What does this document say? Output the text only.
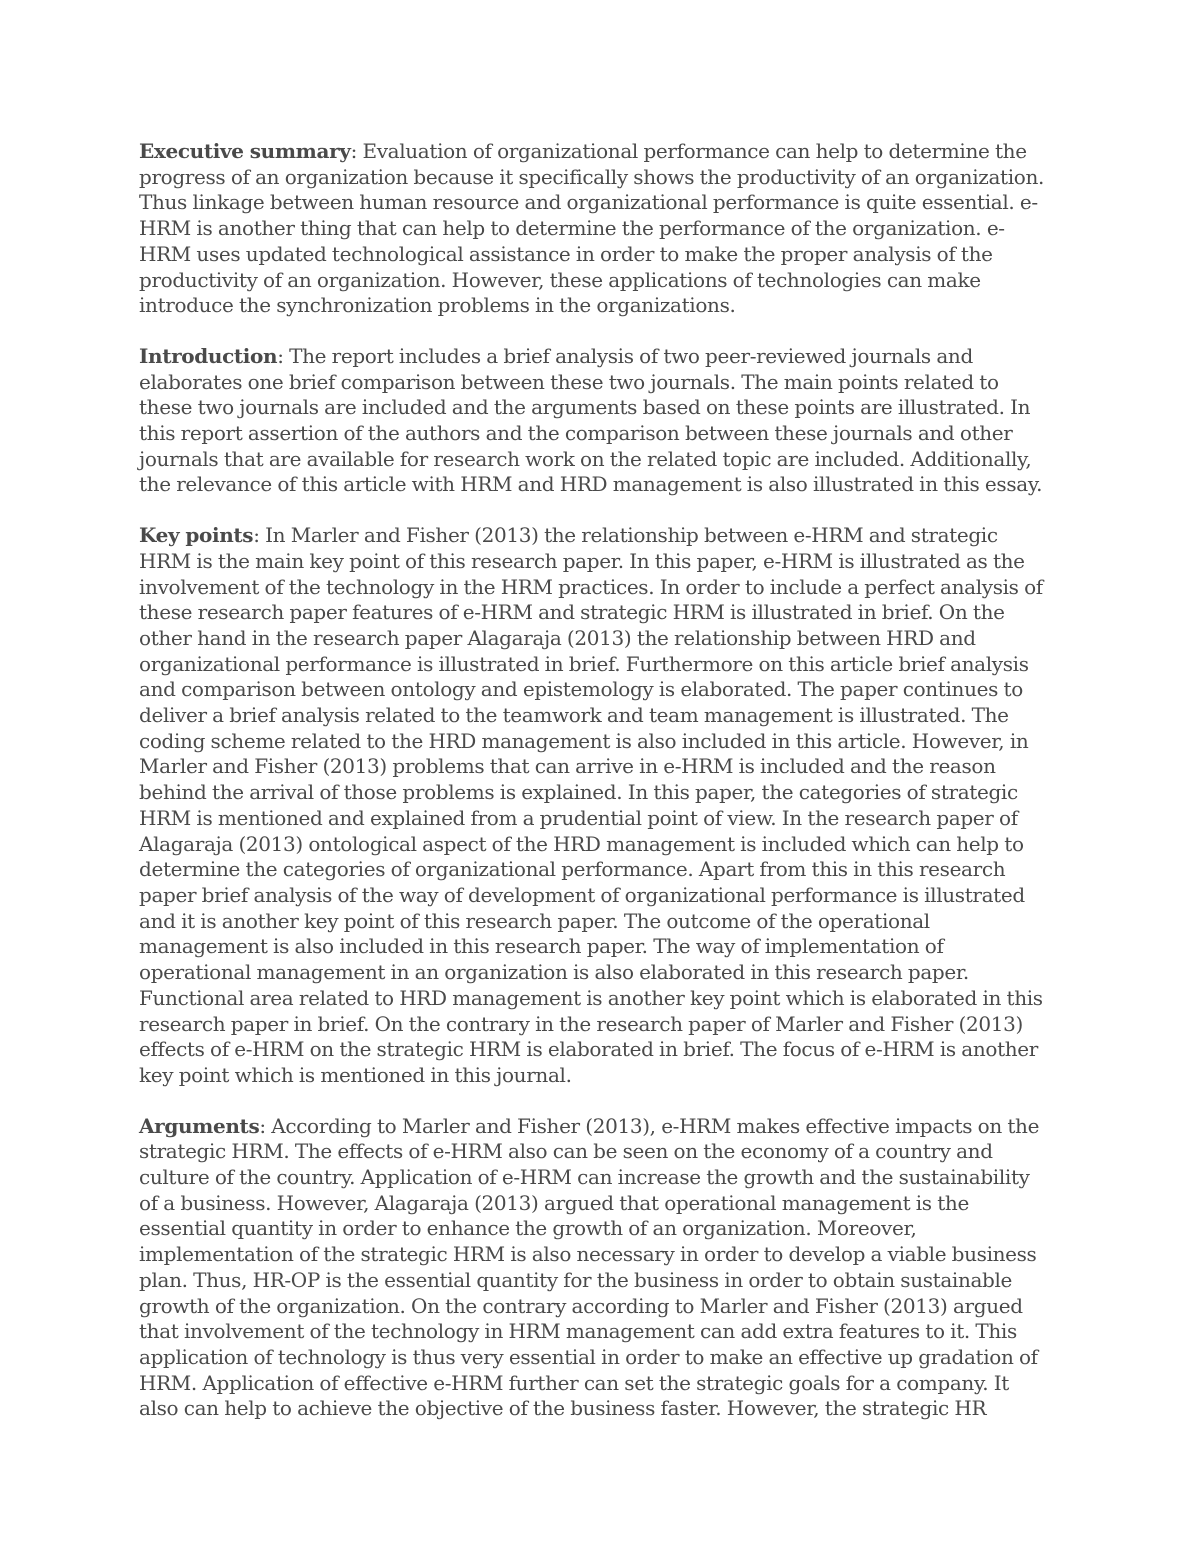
Executive summary: Evaluation of organizational performance can help to determine the
progress of an organization because it specifically shows the productivity of an organization.
Thus linkage between human resource and organizational performance is quite essential. e-
HRM is another thing that can help to determine the performance of the organization. e-
HRM uses updated technological assistance in order to make the proper analysis of the
productivity of an organization. However, these applications of technologies can make
introduce the synchronization problems in the organizations.
Introduction: The report includes a brief analysis of two peer-reviewed journals and
elaborates one brief comparison between these two journals. The main points related to
these two journals are included and the arguments based on these points are illustrated. In
this report assertion of the authors and the comparison between these journals and other
journals that are available for research work on the related topic are included. Additionally,
the relevance of this article with HRM and HRD management is also illustrated in this essay.
Key points: In Marler and Fisher (2013) the relationship between e-HRM and strategic
HRM is the main key point of this research paper. In this paper, e-HRM is illustrated as the
involvement of the technology in the HRM practices. In order to include a perfect analysis of
these research paper features of e-HRM and strategic HRM is illustrated in brief. On the
other hand in the research paper Alagaraja (2013) the relationship between HRD and
organizational performance is illustrated in brief. Furthermore on this article brief analysis
and comparison between ontology and epistemology is elaborated. The paper continues to
deliver a brief analysis related to the teamwork and team management is illustrated. The
coding scheme related to the HRD management is also included in this article. However, in
Marler and Fisher (2013) problems that can arrive in e-HRM is included and the reason
behind the arrival of those problems is explained. In this paper, the categories of strategic
HRM is mentioned and explained from a prudential point of view. In the research paper of
Alagaraja (2013) ontological aspect of the HRD management is included which can help to
determine the categories of organizational performance. Apart from this in this research
paper brief analysis of the way of development of organizational performance is illustrated
and it is another key point of this research paper. The outcome of the operational
management is also included in this research paper. The way of implementation of
operational management in an organization is also elaborated in this research paper.
Functional area related to HRD management is another key point which is elaborated in this
research paper in brief. On the contrary in the research paper of Marler and Fisher (2013)
effects of e-HRM on the strategic HRM is elaborated in brief. The focus of e-HRM is another
key point which is mentioned in this journal.
Arguments: According to Marler and Fisher (2013), e-HRM makes effective impacts on the
strategic HRM. The effects of e-HRM also can be seen on the economy of a country and
culture of the country. Application of e-HRM can increase the growth and the sustainability
of a business. However, Alagaraja (2013) argued that operational management is the
essential quantity in order to enhance the growth of an organization. Moreover,
implementation of the strategic HRM is also necessary in order to develop a viable business
plan. Thus, HR-OP is the essential quantity for the business in order to obtain sustainable
growth of the organization. On the contrary according to Marler and Fisher (2013) argued
that involvement of the technology in HRM management can add extra features to it. This
application of technology is thus very essential in order to make an effective up gradation of
HRM. Application of effective e-HRM further can set the strategic goals for a company. It
also can help to achieve the objective of the business faster. However, the strategic HR
